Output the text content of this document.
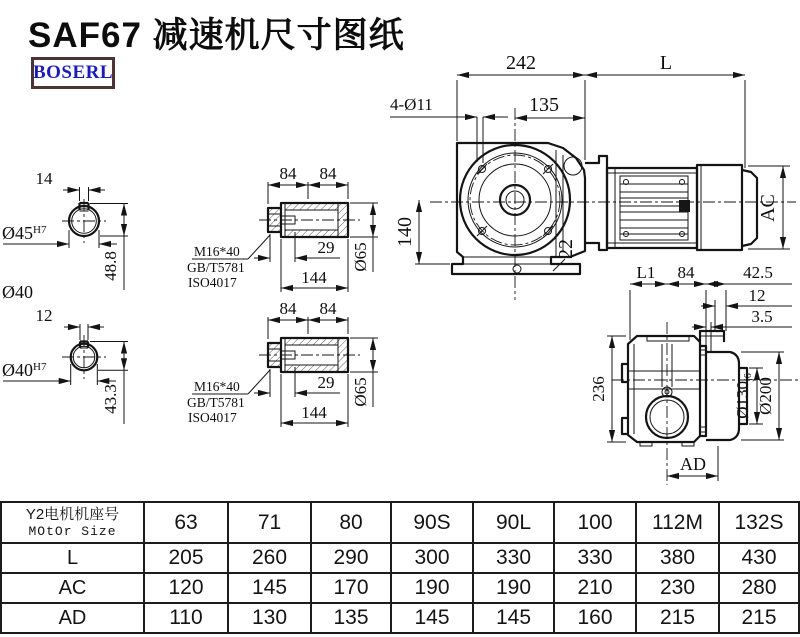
SAF67 减速机尺寸图纸
BOSERL	242	L
135
4-Ø11
140
22
AC
14
48.8
$Ø45^{H7}$
Ø40
12
43.3
$Ø40^{H7}$
84 84
29
144
Ø65
M16*40
GB/T5781
ISO4017
84 84
29
144
Ø65
M16*40
GB/T5781
ISO4017
L1 84	42.5
12
3.5
Ø130j6 Ø200
236
AD
Y2电机机座号
MOtOr Size	63	71	80	90S	90L	100	112M	132S
L	205	260	290	300	330	330	380	430
AC	120	145	170	190	190	210	230	280
AD	110	130	135	145	145	160	215	215
